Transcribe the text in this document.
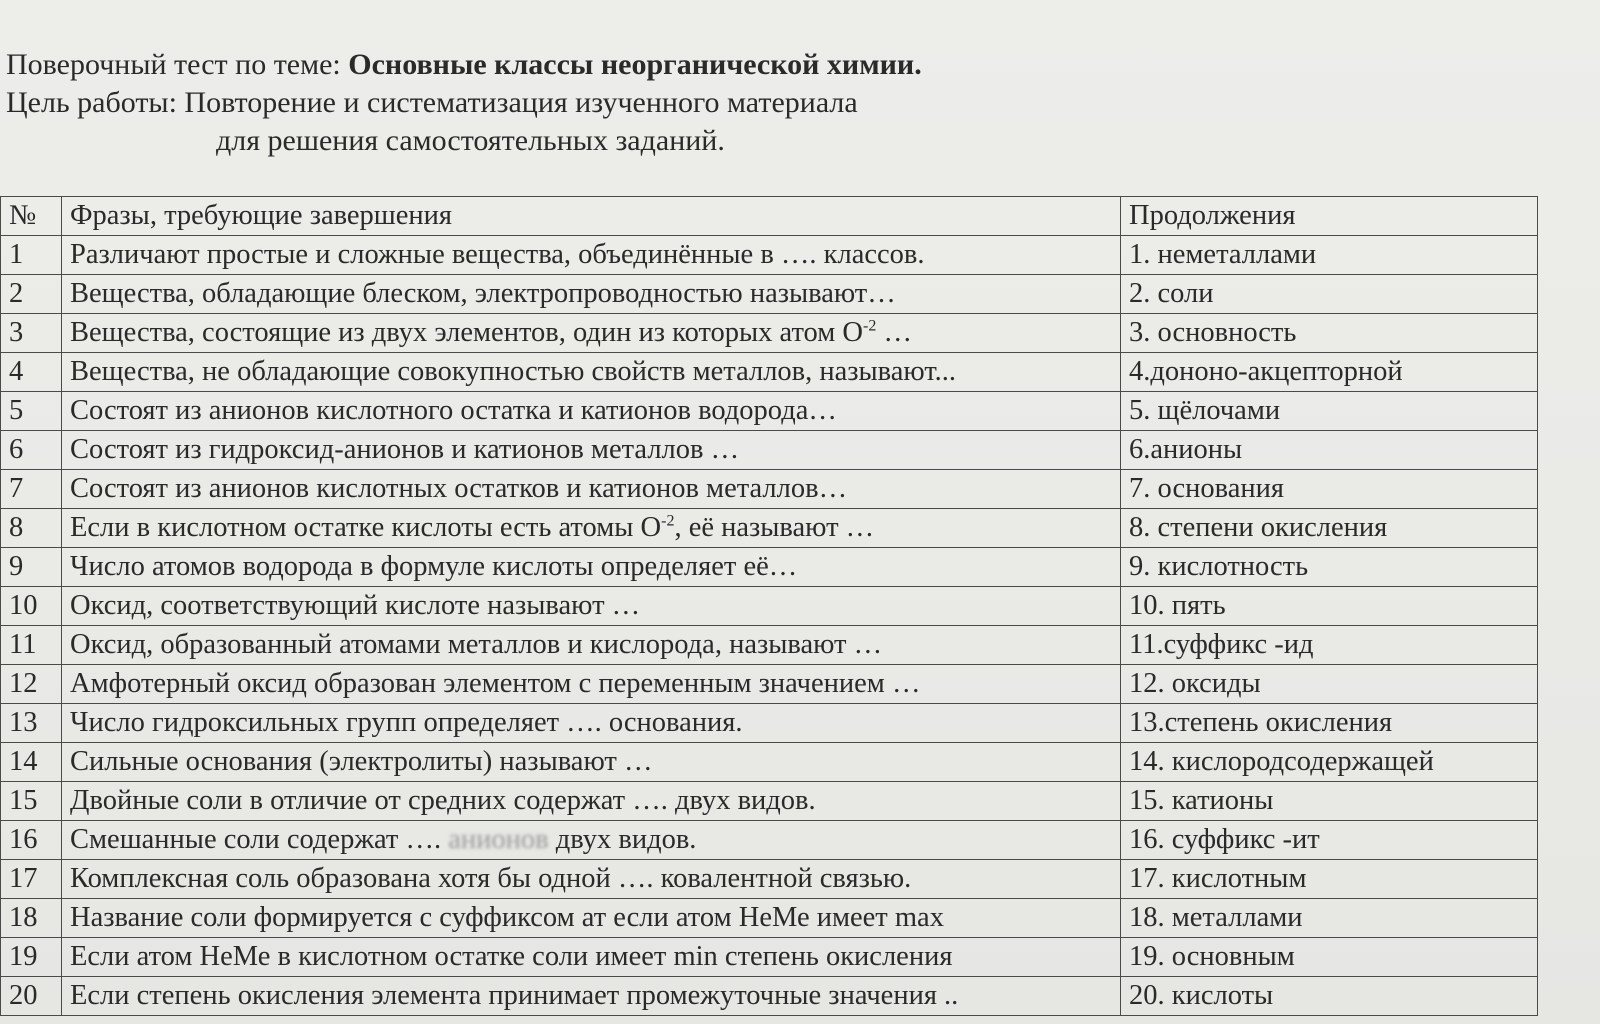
Поверочный тест по теме: Основные классы неорганической химии.
Цель работы: Повторение и систематизация изученного материала
для решения самостоятельных заданий.
№	Фразы, требующие завершения	Продолжения
1	Различают простые и сложные вещества, объединённые в …. классов.	1. неметаллами
2	Вещества, обладающие блеском, электропроводностью называют…	2. соли
3	Вещества, состоящие из двух элементов, один из которых атом $O^{-2}$ …	3. основность
4	Вещества, не обладающие совокупностью свойств металлов, называют...	4.дононо-акцепторной
5	Состоят из анионов кислотного остатка и катионов водорода…	5. щёлочами
6	Состоят из гидроксид-анионов и катионов металлов …	6.анионы
7	Состоят из анионов кислотных остатков и катионов металлов…	7. основания
8	Если в кислотном остатке кислоты есть атомы $O^{-2}$, её называют …	8. степени окисления
9	Число атомов водорода в формуле кислоты определяет её…	9. кислотность
10	Оксид, соответствующий кислоте называют …	10. пять
11	Оксид, образованный атомами металлов и кислорода, называют …	11.суффикс -ид
12	Амфотерный оксид образован элементом с переменным значением …	12. оксиды
13	Число гидроксильных групп определяет …. основания.	13.степень окисления
14	Сильные основания (электролиты) называют …	14. кислородсодержащей
15	Двойные соли в отличие от средних содержат …. двух видов.	15. катионы
16	Смешанные соли содержат …. анионов двух видов.	16. суффикс -ит
17	Комплексная соль образована хотя бы одной …. ковалентной связью.	17. кислотным
18	Название соли формируется с суффиксом ат если атом НеМе имеет max	18. металлами
19	Если атом НеМе в кислотном остатке соли имеет min степень окисления	19. основным
20	Если степень окисления элемента принимает промежуточные значения ..	20. кислоты
